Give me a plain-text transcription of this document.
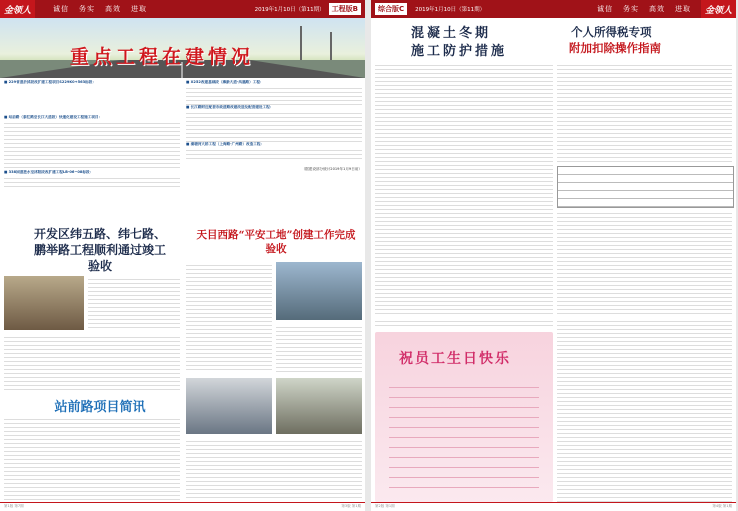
金领人	诚信 务实 高效 进取	2019年1月10日（第11期）	工程版B
重点工程在建情况
■ 229省道沂沭段改扩建工程项目S229K0+563标段：
■ 站前路（泰红路至长江大道段）快速化建设工程施工项目：
■ 338国道涟水至沭阳段改扩建工程LB-06~08标段：
■ X252改建基础段（滩新大道-凤凰路）工程：
■ 长江路附近配套市政道路改建改造及配套建设工程：
■ 秦塘河大桥工程（上海路-广州路）改造工程：
（据建设部分统计2019年1月9日前）
开发区纬五路、纬七路、鹏举路工程顺利通过竣工验收
天目西路“平安工地”创建工作完成验收
站前路项目简讯
第1版 第7期	第3版 第1期
综合版C	2019年1月10日（第11期）	诚信 务实 高效 进取	金领人
混凝土冬期
施工防护措施
个人所得税专项
附加扣除操作指南
祝员工生日快乐
第2版 第1期	第4版 第1期
